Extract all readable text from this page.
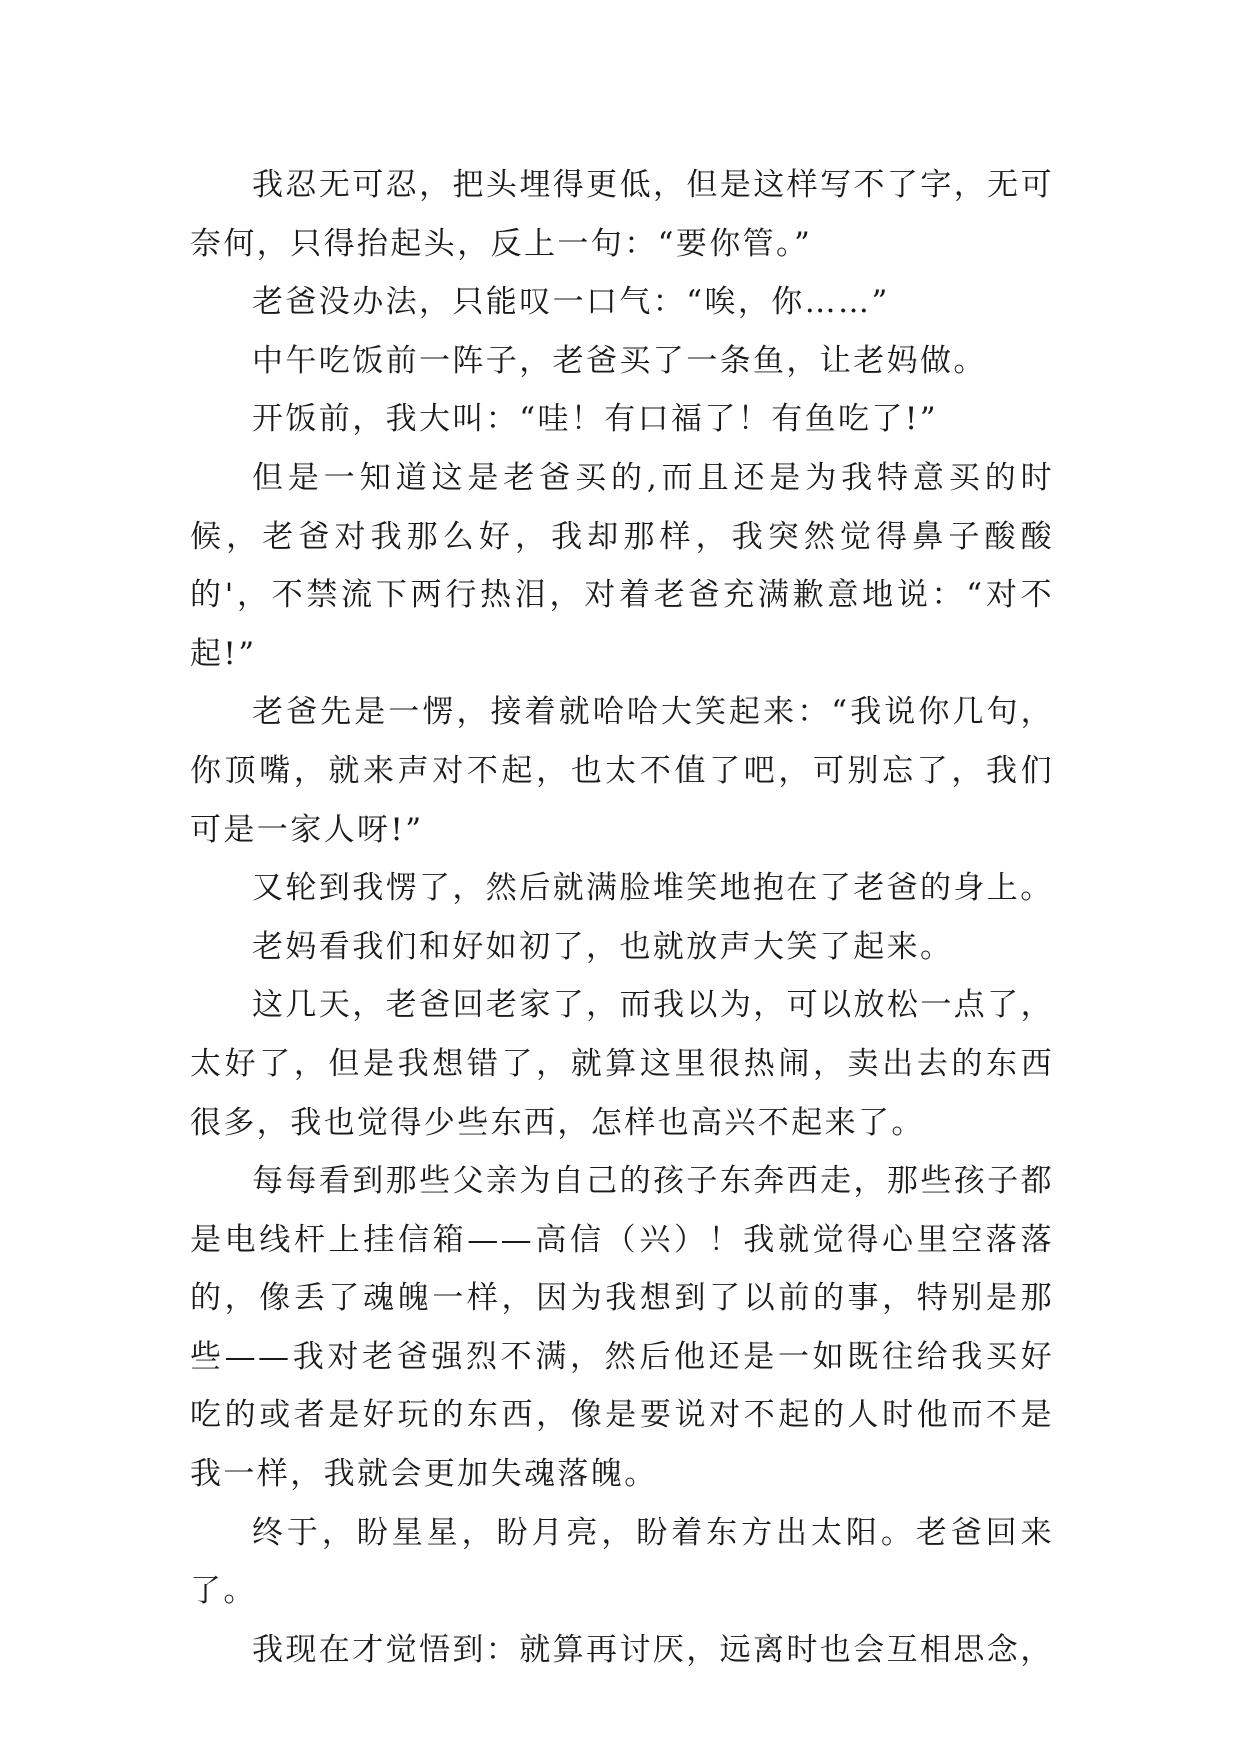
我忍无可忍，把头埋得更低，但是这样写不了字，无可奈何，只得抬起头，反上一句：“要你管。”

老爸没办法，只能叹一口气：“唉，你……”

中午吃饭前一阵子，老爸买了一条鱼，让老妈做。

开饭前，我大叫：“哇！有口福了！有鱼吃了!”

但是一知道这是老爸买的,而且还是为我特意买的时候，老爸对我那么好，我却那样，我突然觉得鼻子酸酸的'，不禁流下两行热泪，对着老爸充满歉意地说：“对不起!”

老爸先是一愣，接着就哈哈大笑起来：“我说你几句，你顶嘴，就来声对不起，也太不值了吧，可别忘了，我们可是一家人呀!”

又轮到我愣了，然后就满脸堆笑地抱在了老爸的身上。

老妈看我们和好如初了，也就放声大笑了起来。

这几天，老爸回老家了，而我以为，可以放松一点了，太好了，但是我想错了，就算这里很热闹，卖出去的东西很多，我也觉得少些东西，怎样也高兴不起来了。

每每看到那些父亲为自己的孩子东奔西走，那些孩子都是电线杆上挂信箱——高信（兴）！我就觉得心里空落落的，像丢了魂魄一样，因为我想到了以前的事，特别是那些——我对老爸强烈不满，然后他还是一如既往给我买好吃的或者是好玩的东西，像是要说对不起的人时他而不是我一样，我就会更加失魂落魄。

终于，盼星星，盼月亮，盼着东方出太阳。老爸回来了。

我现在才觉悟到：就算再讨厌，远离时也会互相思念，
